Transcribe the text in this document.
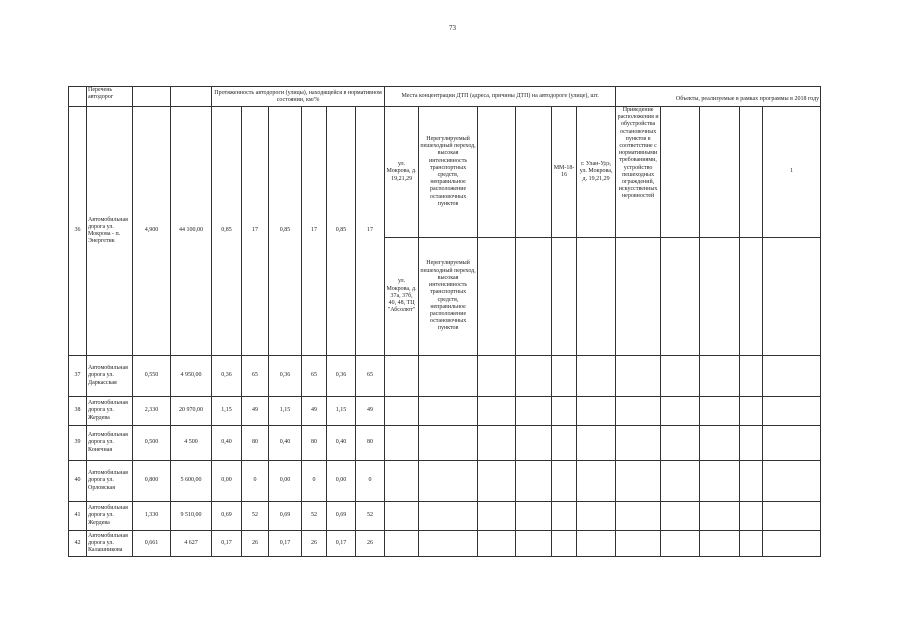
73

	Перечень автодорог			Протяженность автодороги (улицы), находящейся в нормативном состоянии, км/%						Места концентрации ДТП (адреса, причины ДТП) на автодороге (улице), шт.						Объекты, реализуемые в рамках программы в 2018 году				

36	Автомобильная дорога ул. Мокрова - п. Энергетик	4,900	44 100,00	0,85	17	0,85	17	0,85	17	ул. Мокрова, д. 19,21,29	Нерегулируемый пешеходный переход, высокая интенсивность транспортных средств, неправильное расположение остановочных пунктов			ММ-18-16	г. Улан-Удэ, ул. Мокрова, д. 19,21,29	Приведение расположения и обустройства остановочных пунктов в соответствие с нормативными требованиями, устройство пешеходных ограждений, искусственных неровностей				1
										ул. Мокрова, д. 37а, 37б, 40, 48, ТЦ "Абсолют"	Нерегулируемый пешеходный переход, высокая интенсивность транспортных средств, неправильное расположение остановочных пунктов									
37	Автомобильная дорога ул. Даркасская	0,550	4 950,00	0,36	65	0,36	65	0,36	65											
38	Автомобильная дорога ул. Жердева	2,330	20 970,00	1,15	49	1,15	49	1,15	49											
39	Автомобильная дорога ул. Конечная	0,500	4 500	0,40	80	0,40	80	0,40	80											
40	Автомобильная дорога ул. Орловская	0,800	5 600,00	0,00	0	0,00	0	0,00	0											
41	Автомобильная дорога ул. Жердева	1,330	9 510,00	0,69	52	0,69	52	0,69	52											
42	Автомобильная дорога ул. Калашникова	0,661	4 627	0,17	26	0,17	26	0,17	26											
